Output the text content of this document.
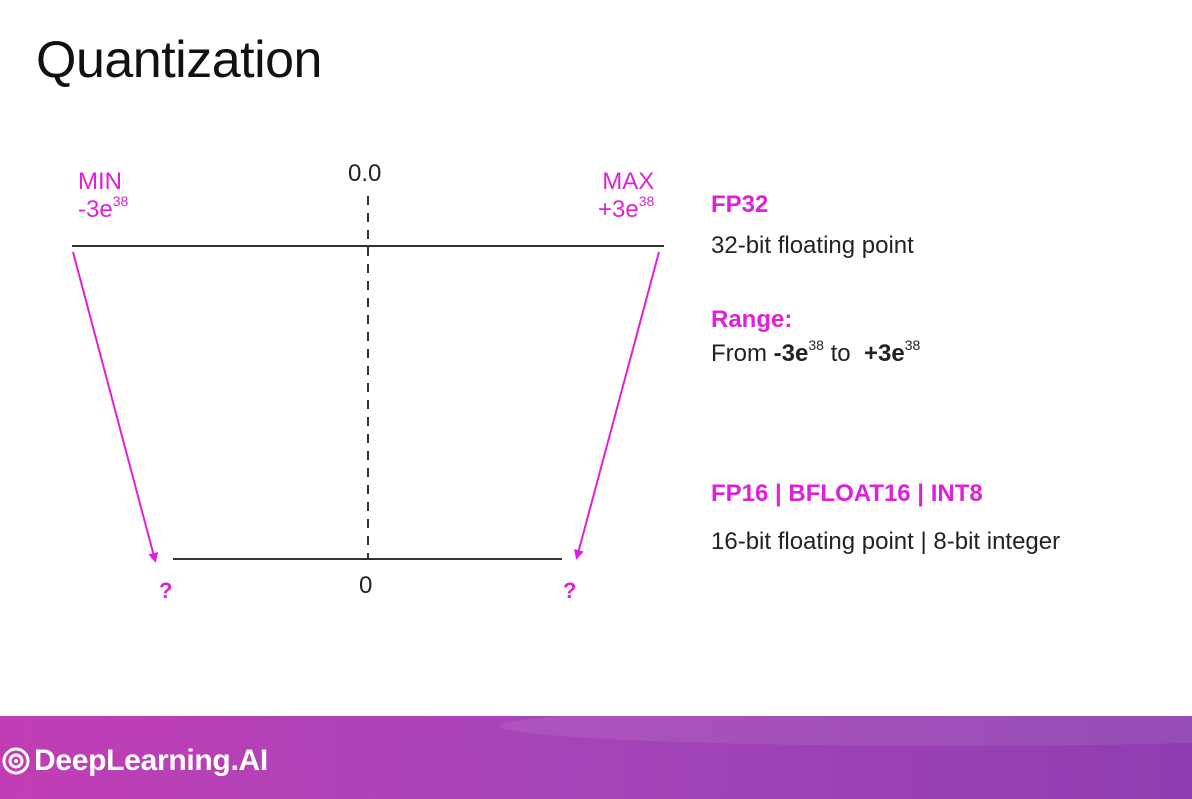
Quantization
MIN
$-3e^{38}$
MAX
$+3e^{38}$
0.0
0
?	?
FP32
32-bit floating point
Range:
From $-3e^{38}$ to  $+3e^{38}$
FP16 | BFLOAT16 | INT8
16-bit floating point | 8-bit integer
DeepLearning.AI
